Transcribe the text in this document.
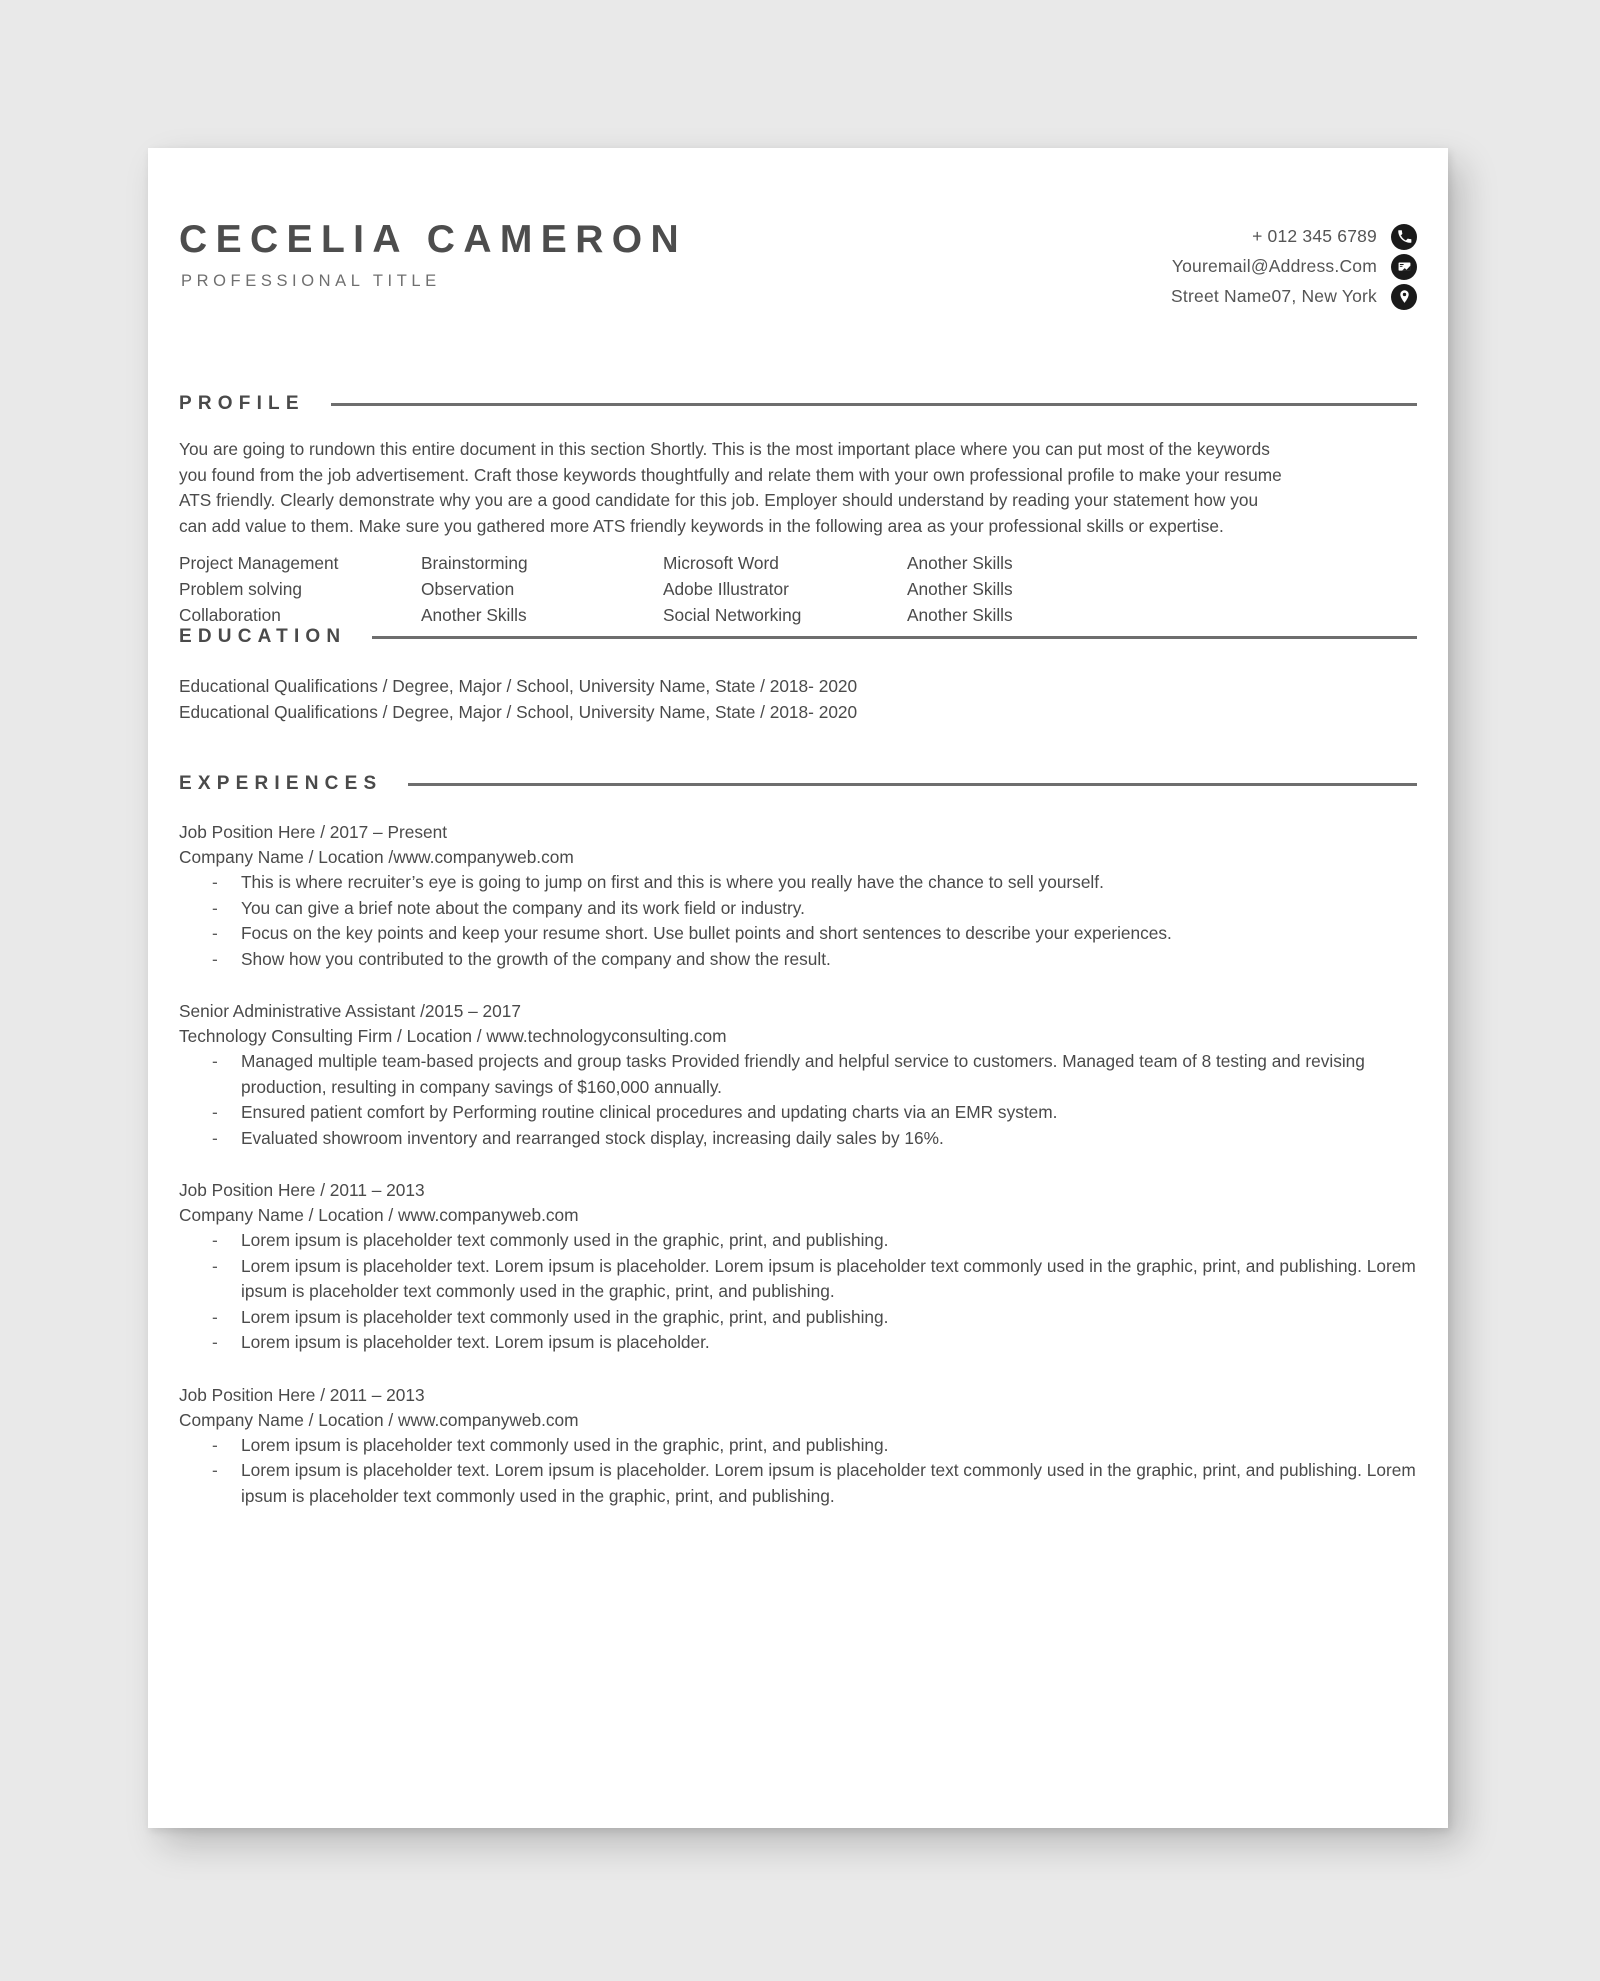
CECELIA CAMERON
PROFESSIONAL TITLE
+ 012 345 6789
Youremail@Address.Com
Street Name07, New York
PROFILE
You are going to rundown this entire document in this section Shortly. This is the most important place where you can put most of the keywords you found from the job advertisement. Craft those keywords thoughtfully and relate them with your own professional profile to make your resume ATS friendly. Clearly demonstrate why you are a good candidate for this job. Employer should understand by reading your statement how you can add value to them. Make sure you gathered more ATS friendly keywords in the following area as your professional skills or expertise.
Project Management	Brainstorming	Microsoft Word	Another Skills
Problem solving	Observation	Adobe Illustrator	Another Skills
Collaboration	Another Skills	Social Networking	Another Skills
EDUCATION
Educational Qualifications / Degree, Major / School, University Name, State / 2018- 2020
Educational Qualifications / Degree, Major / School, University Name, State / 2018- 2020
EXPERIENCES
Job Position Here / 2017 – Present
Company Name / Location /www.companyweb.com
- This is where recruiter’s eye is going to jump on first and this is where you really have the chance to sell yourself.
- You can give a brief note about the company and its work field or industry.
- Focus on the key points and keep your resume short. Use bullet points and short sentences to describe your experiences.
- Show how you contributed to the growth of the company and show the result.
Senior Administrative Assistant /2015 – 2017
Technology Consulting Firm / Location / www.technologyconsulting.com
- Managed multiple team-based projects and group tasks Provided friendly and helpful service to customers. Managed team of 8 testing and revising production, resulting in company savings of $160,000 annually.
- Ensured patient comfort by Performing routine clinical procedures and updating charts via an EMR system.
- Evaluated showroom inventory and rearranged stock display, increasing daily sales by 16%.
Job Position Here / 2011 – 2013
Company Name / Location / www.companyweb.com
- Lorem ipsum is placeholder text commonly used in the graphic, print, and publishing.
- Lorem ipsum is placeholder text. Lorem ipsum is placeholder. Lorem ipsum is placeholder text commonly used in the graphic, print, and publishing. Lorem ipsum is placeholder text commonly used in the graphic, print, and publishing.
- Lorem ipsum is placeholder text commonly used in the graphic, print, and publishing.
- Lorem ipsum is placeholder text. Lorem ipsum is placeholder.
Job Position Here / 2011 – 2013
Company Name / Location / www.companyweb.com
- Lorem ipsum is placeholder text commonly used in the graphic, print, and publishing.
- Lorem ipsum is placeholder text. Lorem ipsum is placeholder. Lorem ipsum is placeholder text commonly used in the graphic, print, and publishing. Lorem ipsum is placeholder text commonly used in the graphic, print, and publishing.
